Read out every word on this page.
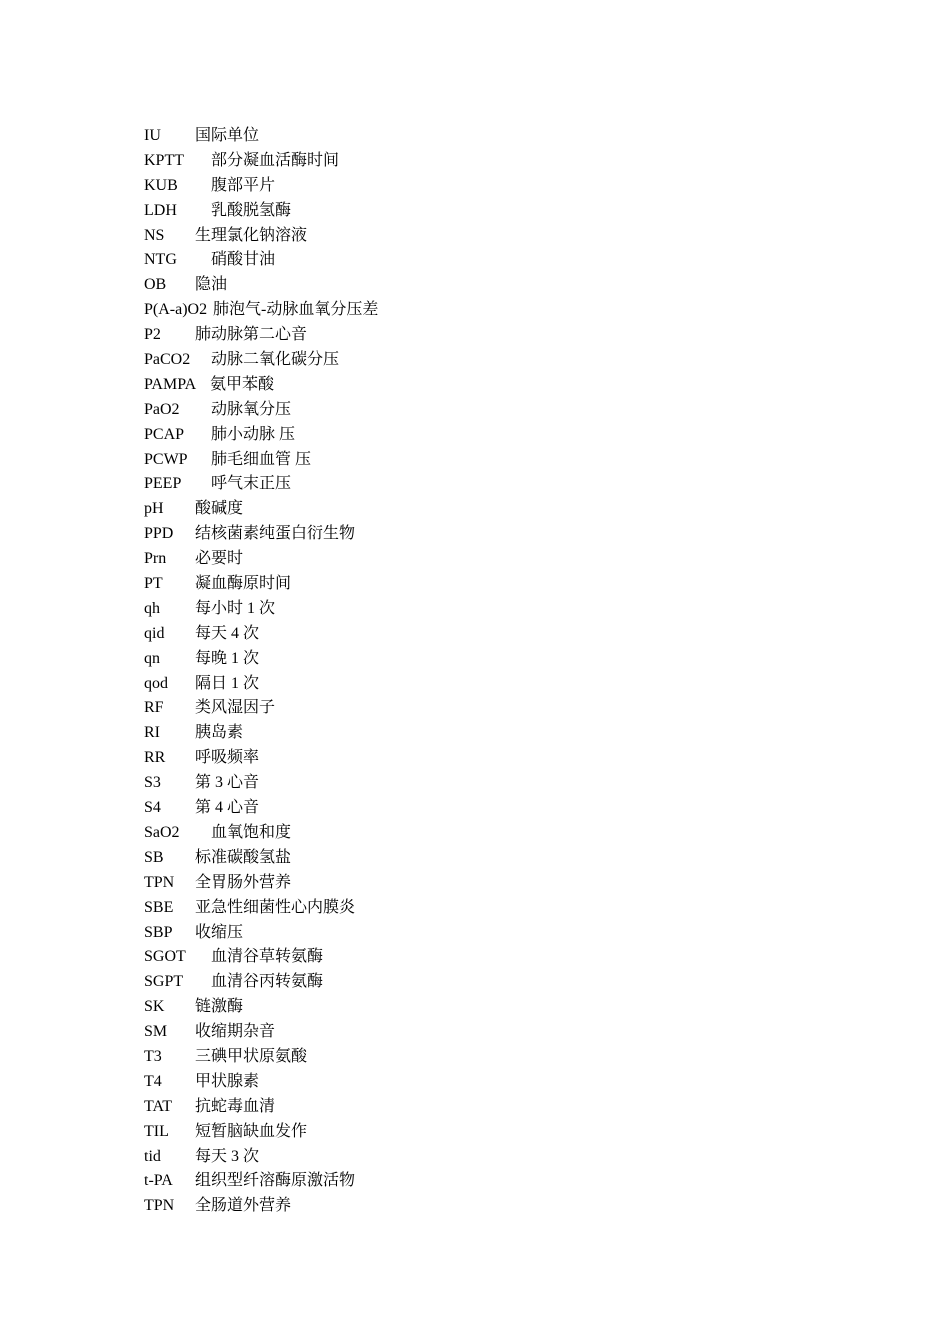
IU 国际单位
KPTT 部分凝血活酶时间
KUB 腹部平片
LDH 乳酸脱氢酶
NS 生理氯化钠溶液
NTG 硝酸甘油
OB 隐油
P(A-a)O2 肺泡气-动脉血氧分压差
P2 肺动脉第二心音
PaCO2 动脉二氧化碳分压
PAMPA 氨甲苯酸
PaO2 动脉氧分压
PCAP 肺小动脉 压
PCWP 肺毛细血管 压
PEEP 呼气末正压
pH 酸碱度
PPD 结核菌素纯蛋白衍生物
Prn 必要时
PT 凝血酶原时间
qh 每小时 1 次
qid 每天 4 次
qn 每晚 1 次
qod 隔日 1 次
RF 类风湿因子
RI 胰岛素
RR 呼吸频率
S3 第 3 心音
S4 第 4 心音
SaO2 血氧饱和度
SB 标准碳酸氢盐
TPN 全胃肠外营养
SBE 亚急性细菌性心内膜炎
SBP 收缩压
SGOT 血清谷草转氨酶
SGPT 血清谷丙转氨酶
SK 链激酶
SM 收缩期杂音
T3 三碘甲状原氨酸
T4 甲状腺素
TAT 抗蛇毒血清
TIL 短暂脑缺血发作
tid 每天 3 次
t-PA 组织型纤溶酶原激活物
TPN 全肠道外营养
